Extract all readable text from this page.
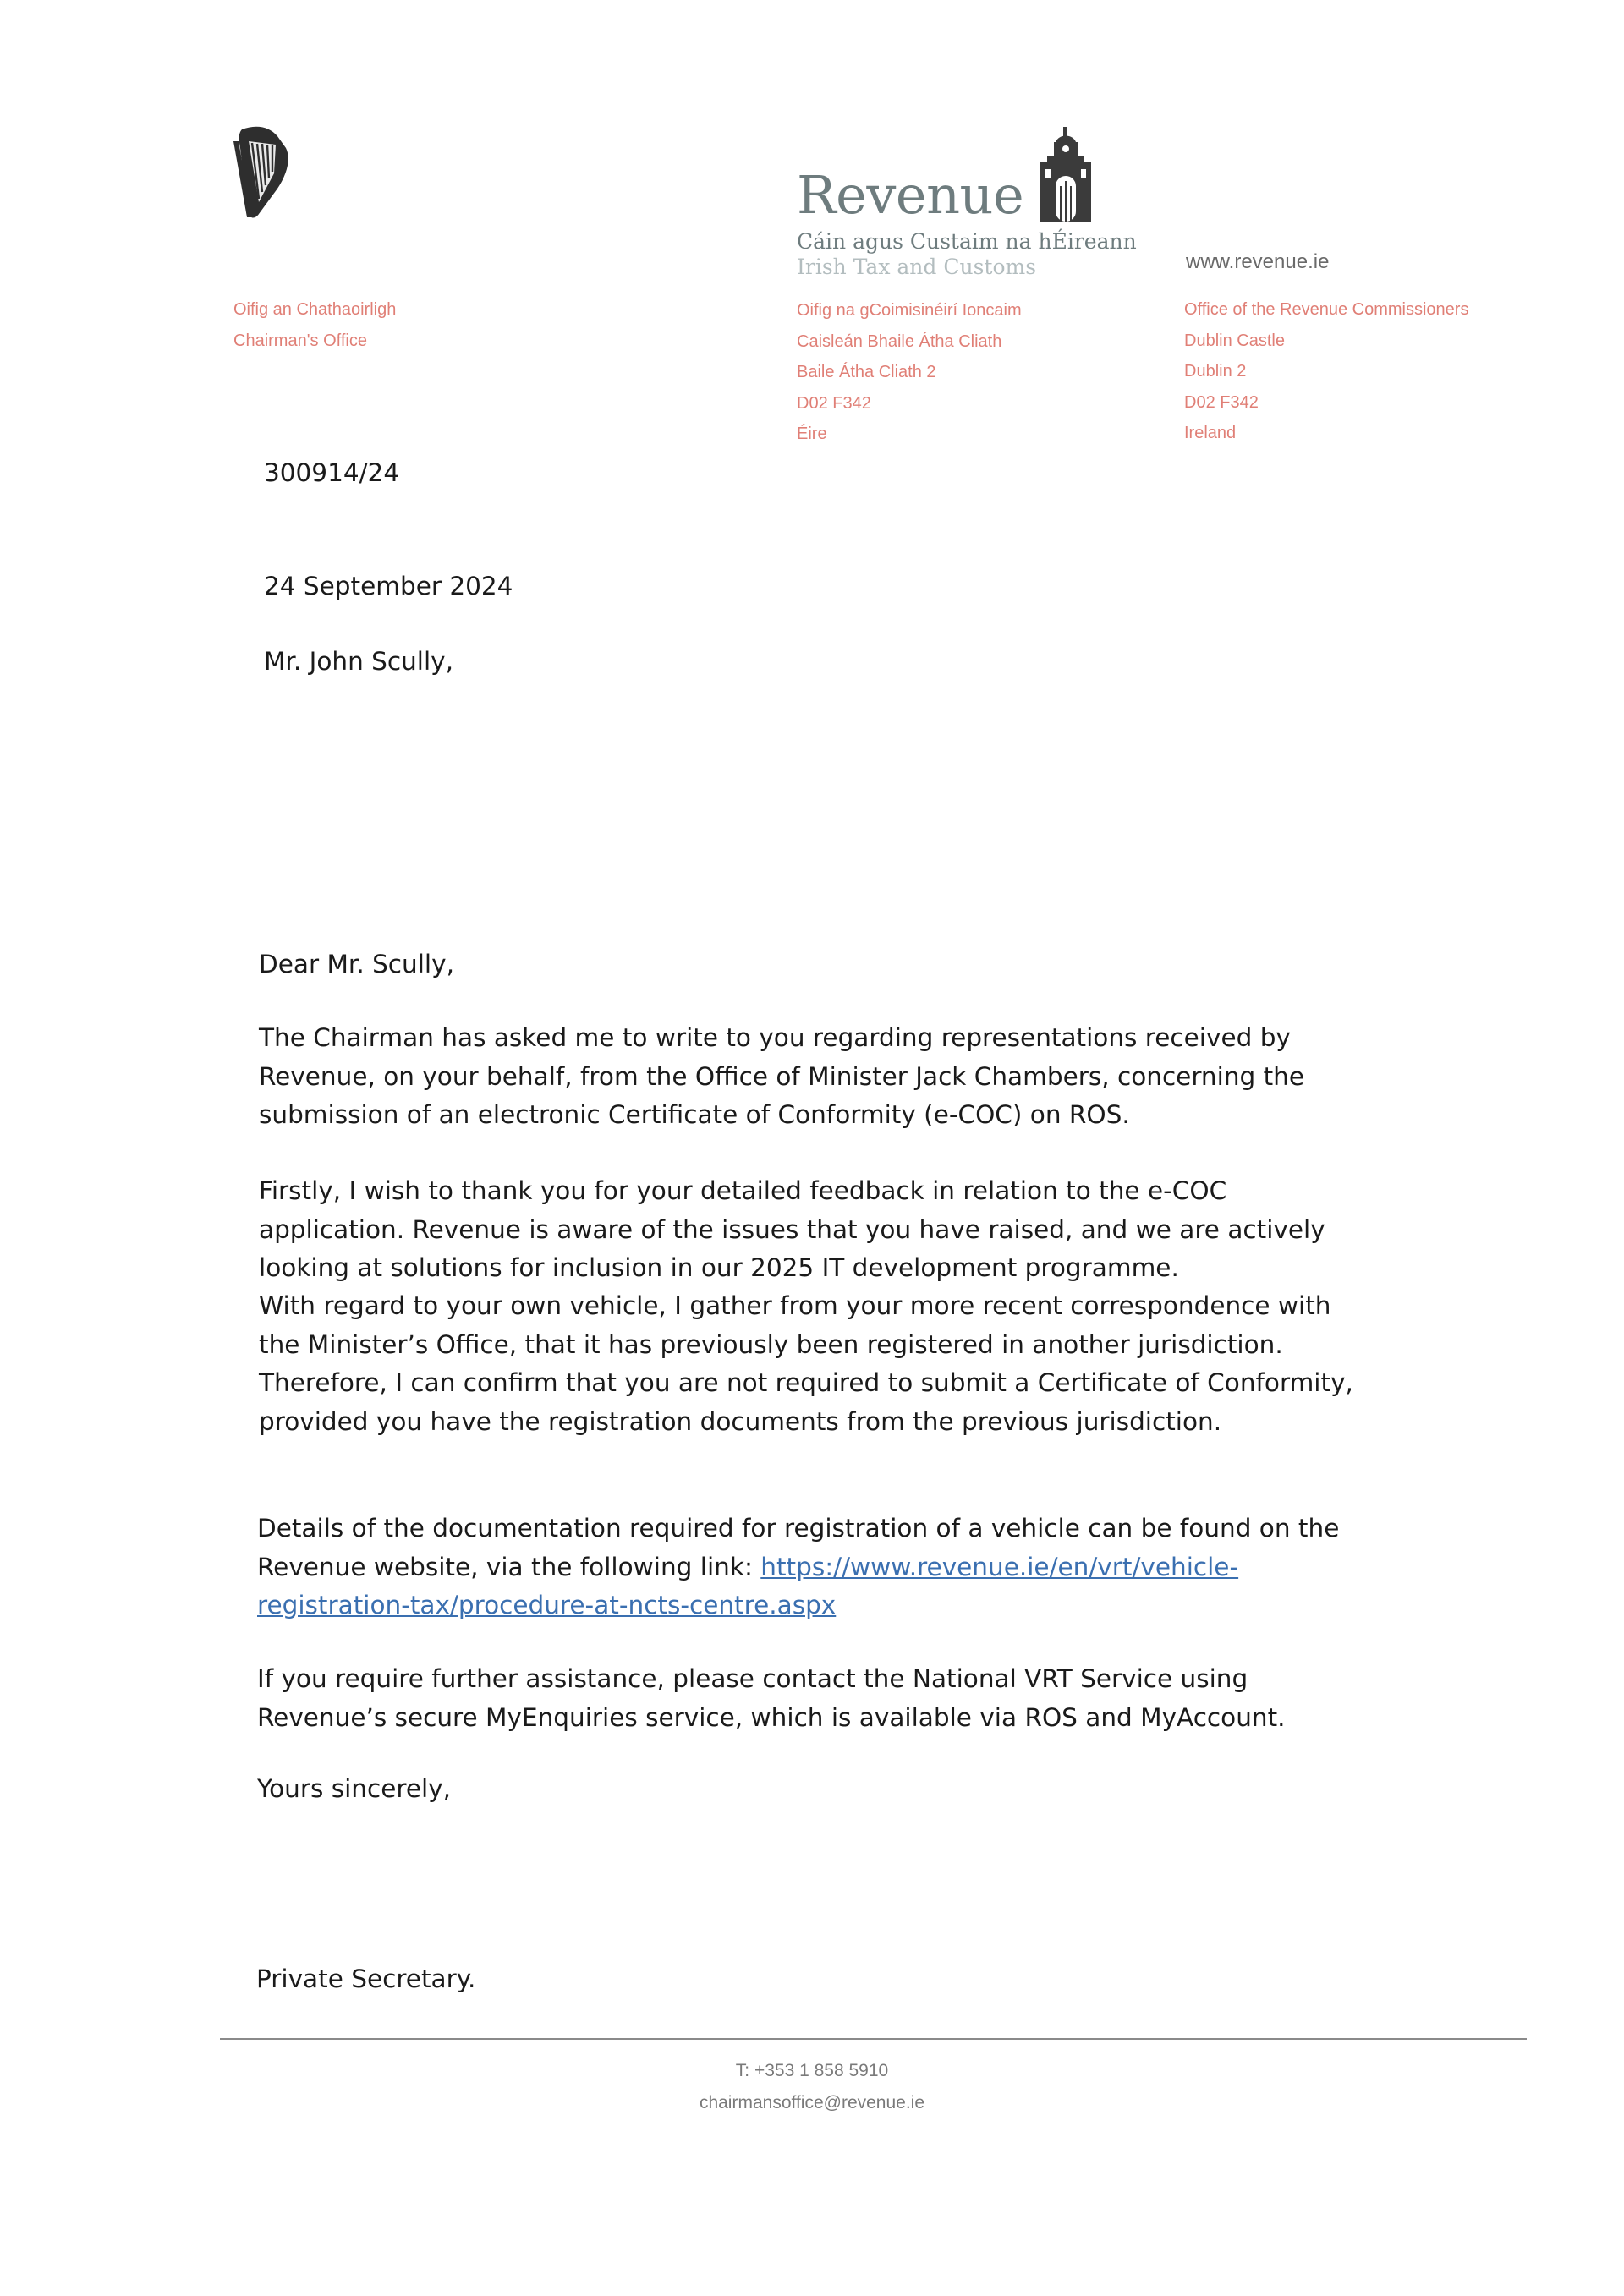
Revenue
Cáin agus Custaim na hÉireann
Irish Tax and Customs	www.revenue.ie
Oifig an Chathaoirligh
Chairman's Office
Oifig na gCoimisinéirí Ioncaim
Caisleán Bhaile Átha Cliath
Baile Átha Cliath 2
D02 F342
Éire
Office of the Revenue Commissioners
Dublin Castle
Dublin 2
D02 F342
Ireland
300914/24
24 September 2024
Mr. John Scully,
Dear Mr. Scully,
The Chairman has asked me to write to you regarding representations received by Revenue, on your behalf, from the Office of Minister Jack Chambers, concerning the submission of an electronic Certificate of Conformity (e-COC) on ROS.
Firstly, I wish to thank you for your detailed feedback in relation to the e-COC application. Revenue is aware of the issues that you have raised, and we are actively looking at solutions for inclusion in our 2025 IT development programme.
With regard to your own vehicle, I gather from your more recent correspondence with the Minister’s Office, that it has previously been registered in another jurisdiction. Therefore, I can confirm that you are not required to submit a Certificate of Conformity, provided you have the registration documents from the previous jurisdiction.
Details of the documentation required for registration of a vehicle can be found on the Revenue website, via the following link: https://www.revenue.ie/en/vrt/vehicle-registration-tax/procedure-at-ncts-centre.aspx
If you require further assistance, please contact the National VRT Service using Revenue’s secure MyEnquiries service, which is available via ROS and MyAccount.
Yours sincerely,
Private Secretary.
T: +353 1 858 5910
chairmansoffice@revenue.ie
